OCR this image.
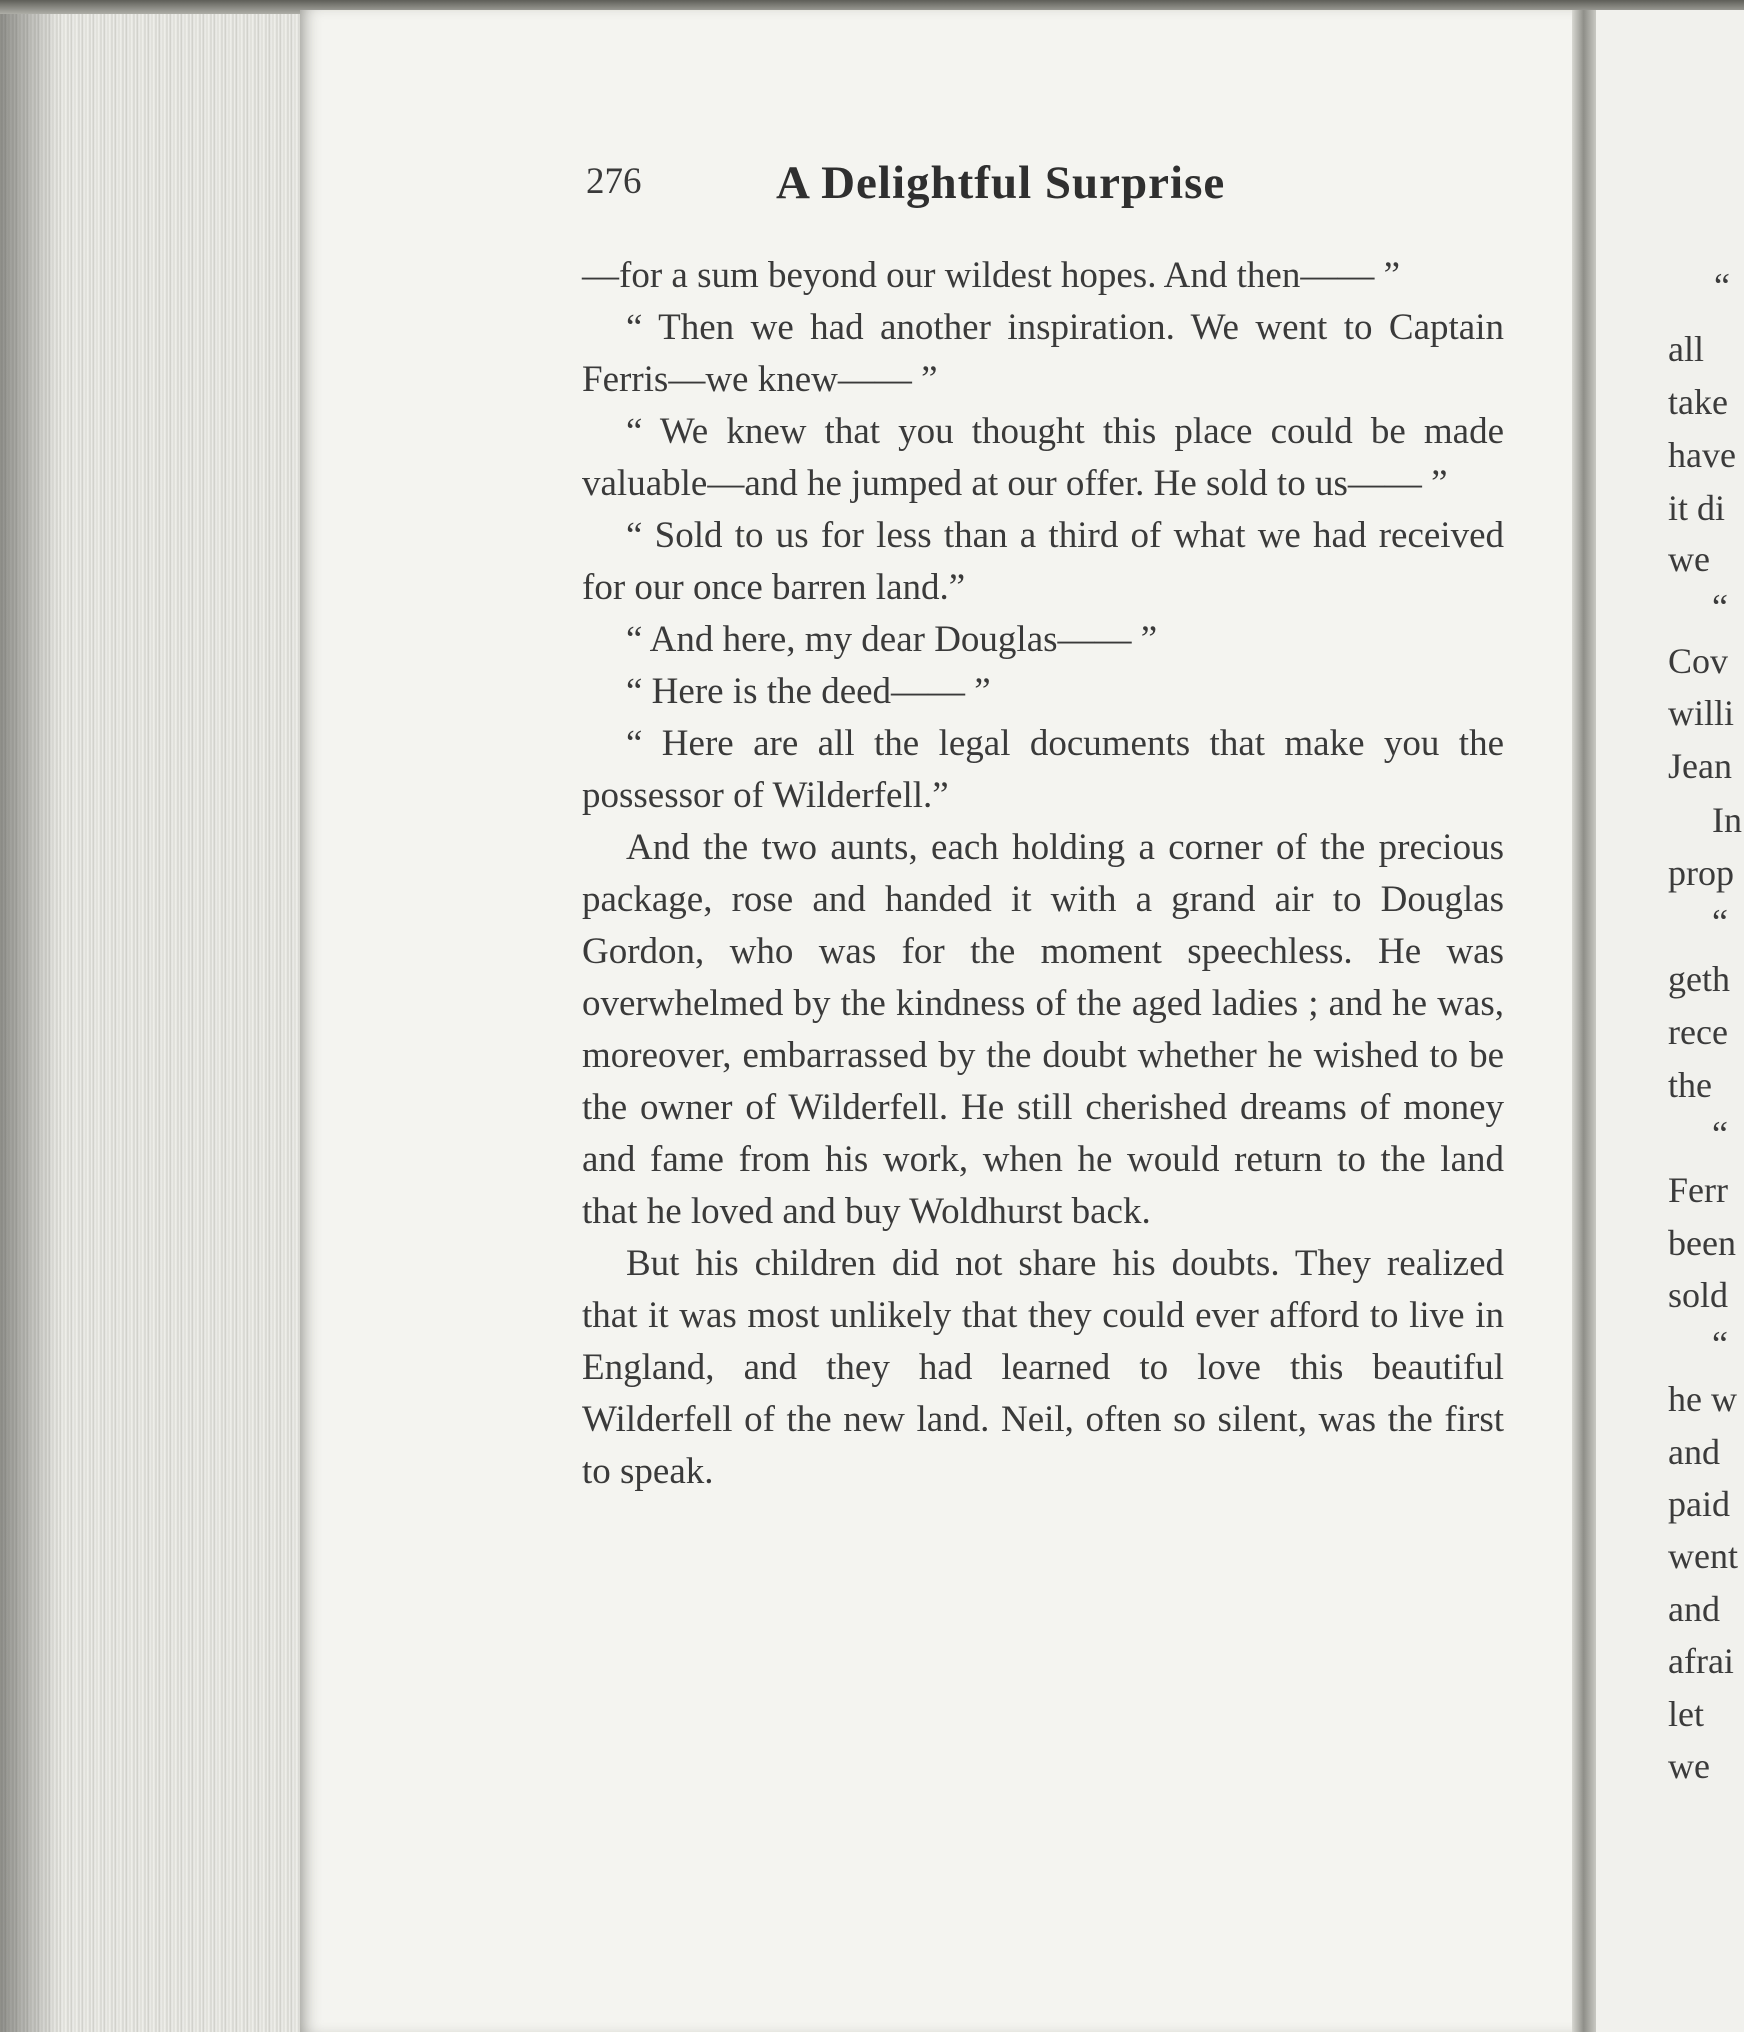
276	A Delightful Surprise

—for a sum beyond our wildest hopes. And then—— ”

“ Then we had another inspiration. We went to Captain Ferris—we knew—— ”

“ We knew that you thought this place could be made valuable—and he jumped at our offer. He sold to us—— ”

“ Sold to us for less than a third of what we had received for our once barren land.”

“ And here, my dear Douglas—— ”

“ Here is the deed—— ”

“ Here are all the legal documents that make you the possessor of Wilderfell.”

And the two aunts, each holding a corner of the precious package, rose and handed it with a grand air to Douglas Gordon, who was for the moment speechless. He was overwhelmed by the kindness of the aged ladies ; and he was, moreover, embarrassed by the doubt whether he wished to be the owner of Wilderfell. He still cherished dreams of money and fame from his work, when he would return to the land that he loved and buy Woldhurst back.

But his children did not share his doubts. They realized that it was most unlikely that they could ever afford to live in England, and they had learned to love this beautiful Wilderfell of the new land. Neil, often so silent, was the first to speak.

“
all
take
have
it di
we
“
Cov
willi
Jean
In
prop
“
geth
rece
the
“
Ferr
been
sold
“
he w
and
paid
went
and
afrai
let
we
